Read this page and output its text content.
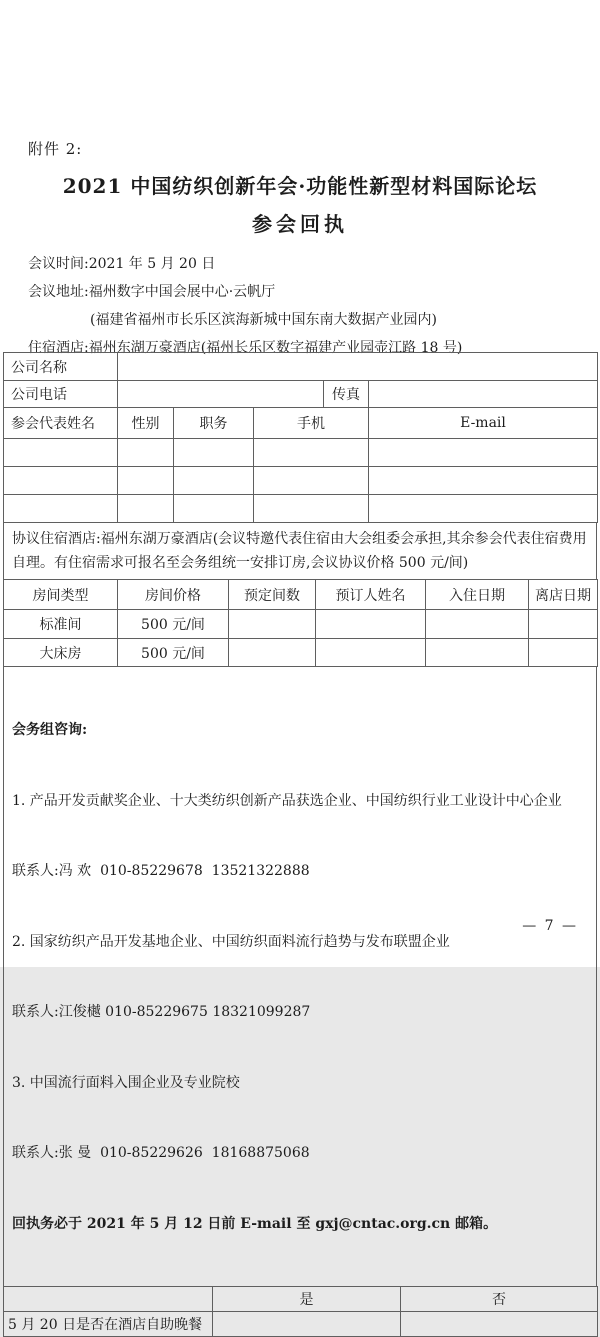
附件 2:
2021 中国纺织创新年会·功能性新型材料国际论坛
参会回执
会议时间:2021 年 5 月 20 日
会议地址:福州数字中国会展中心·云帆厅
(福建省福州市长乐区滨海新城中国东南大数据产业园内)
住宿酒店:福州东湖万豪酒店(福州长乐区数字福建产业园壶江路 18 号)
公司名称					
公司电话				传真	
参会代表姓名	性别	职务	手机		E-mail

协议住宿酒店:福州东湖万豪酒店(会议特邀代表住宿由大会组委会承担,其余参会代表住宿费用自理。有住宿需求可报名至会务组统一安排订房,会议协议价格 500 元/间)
房间类型	房间价格	预定间数	预订人姓名	入住日期	离店日期
标准间	500 元/间				
大床房	500 元/间				

会务组咨询:

1. 产品开发贡献奖企业、十大类纺织创新产品获选企业、中国纺织行业工业设计中心企业

联系人:冯 欢  010-85229678  13521322888

2. 国家纺织产品开发基地企业、中国纺织面料流行趋势与发布联盟企业

联系人:江俊樾 010-85229675 18321099287

3. 中国流行面料入围企业及专业院校

联系人:张 曼  010-85229626  18168875068

回执务必于 2021 年 5 月 12 日前 E-mail 至 gxj@cntac.org.cn 邮箱。

	是	否
5 月 20 日是否在酒店自助晚餐		
— 7 —
